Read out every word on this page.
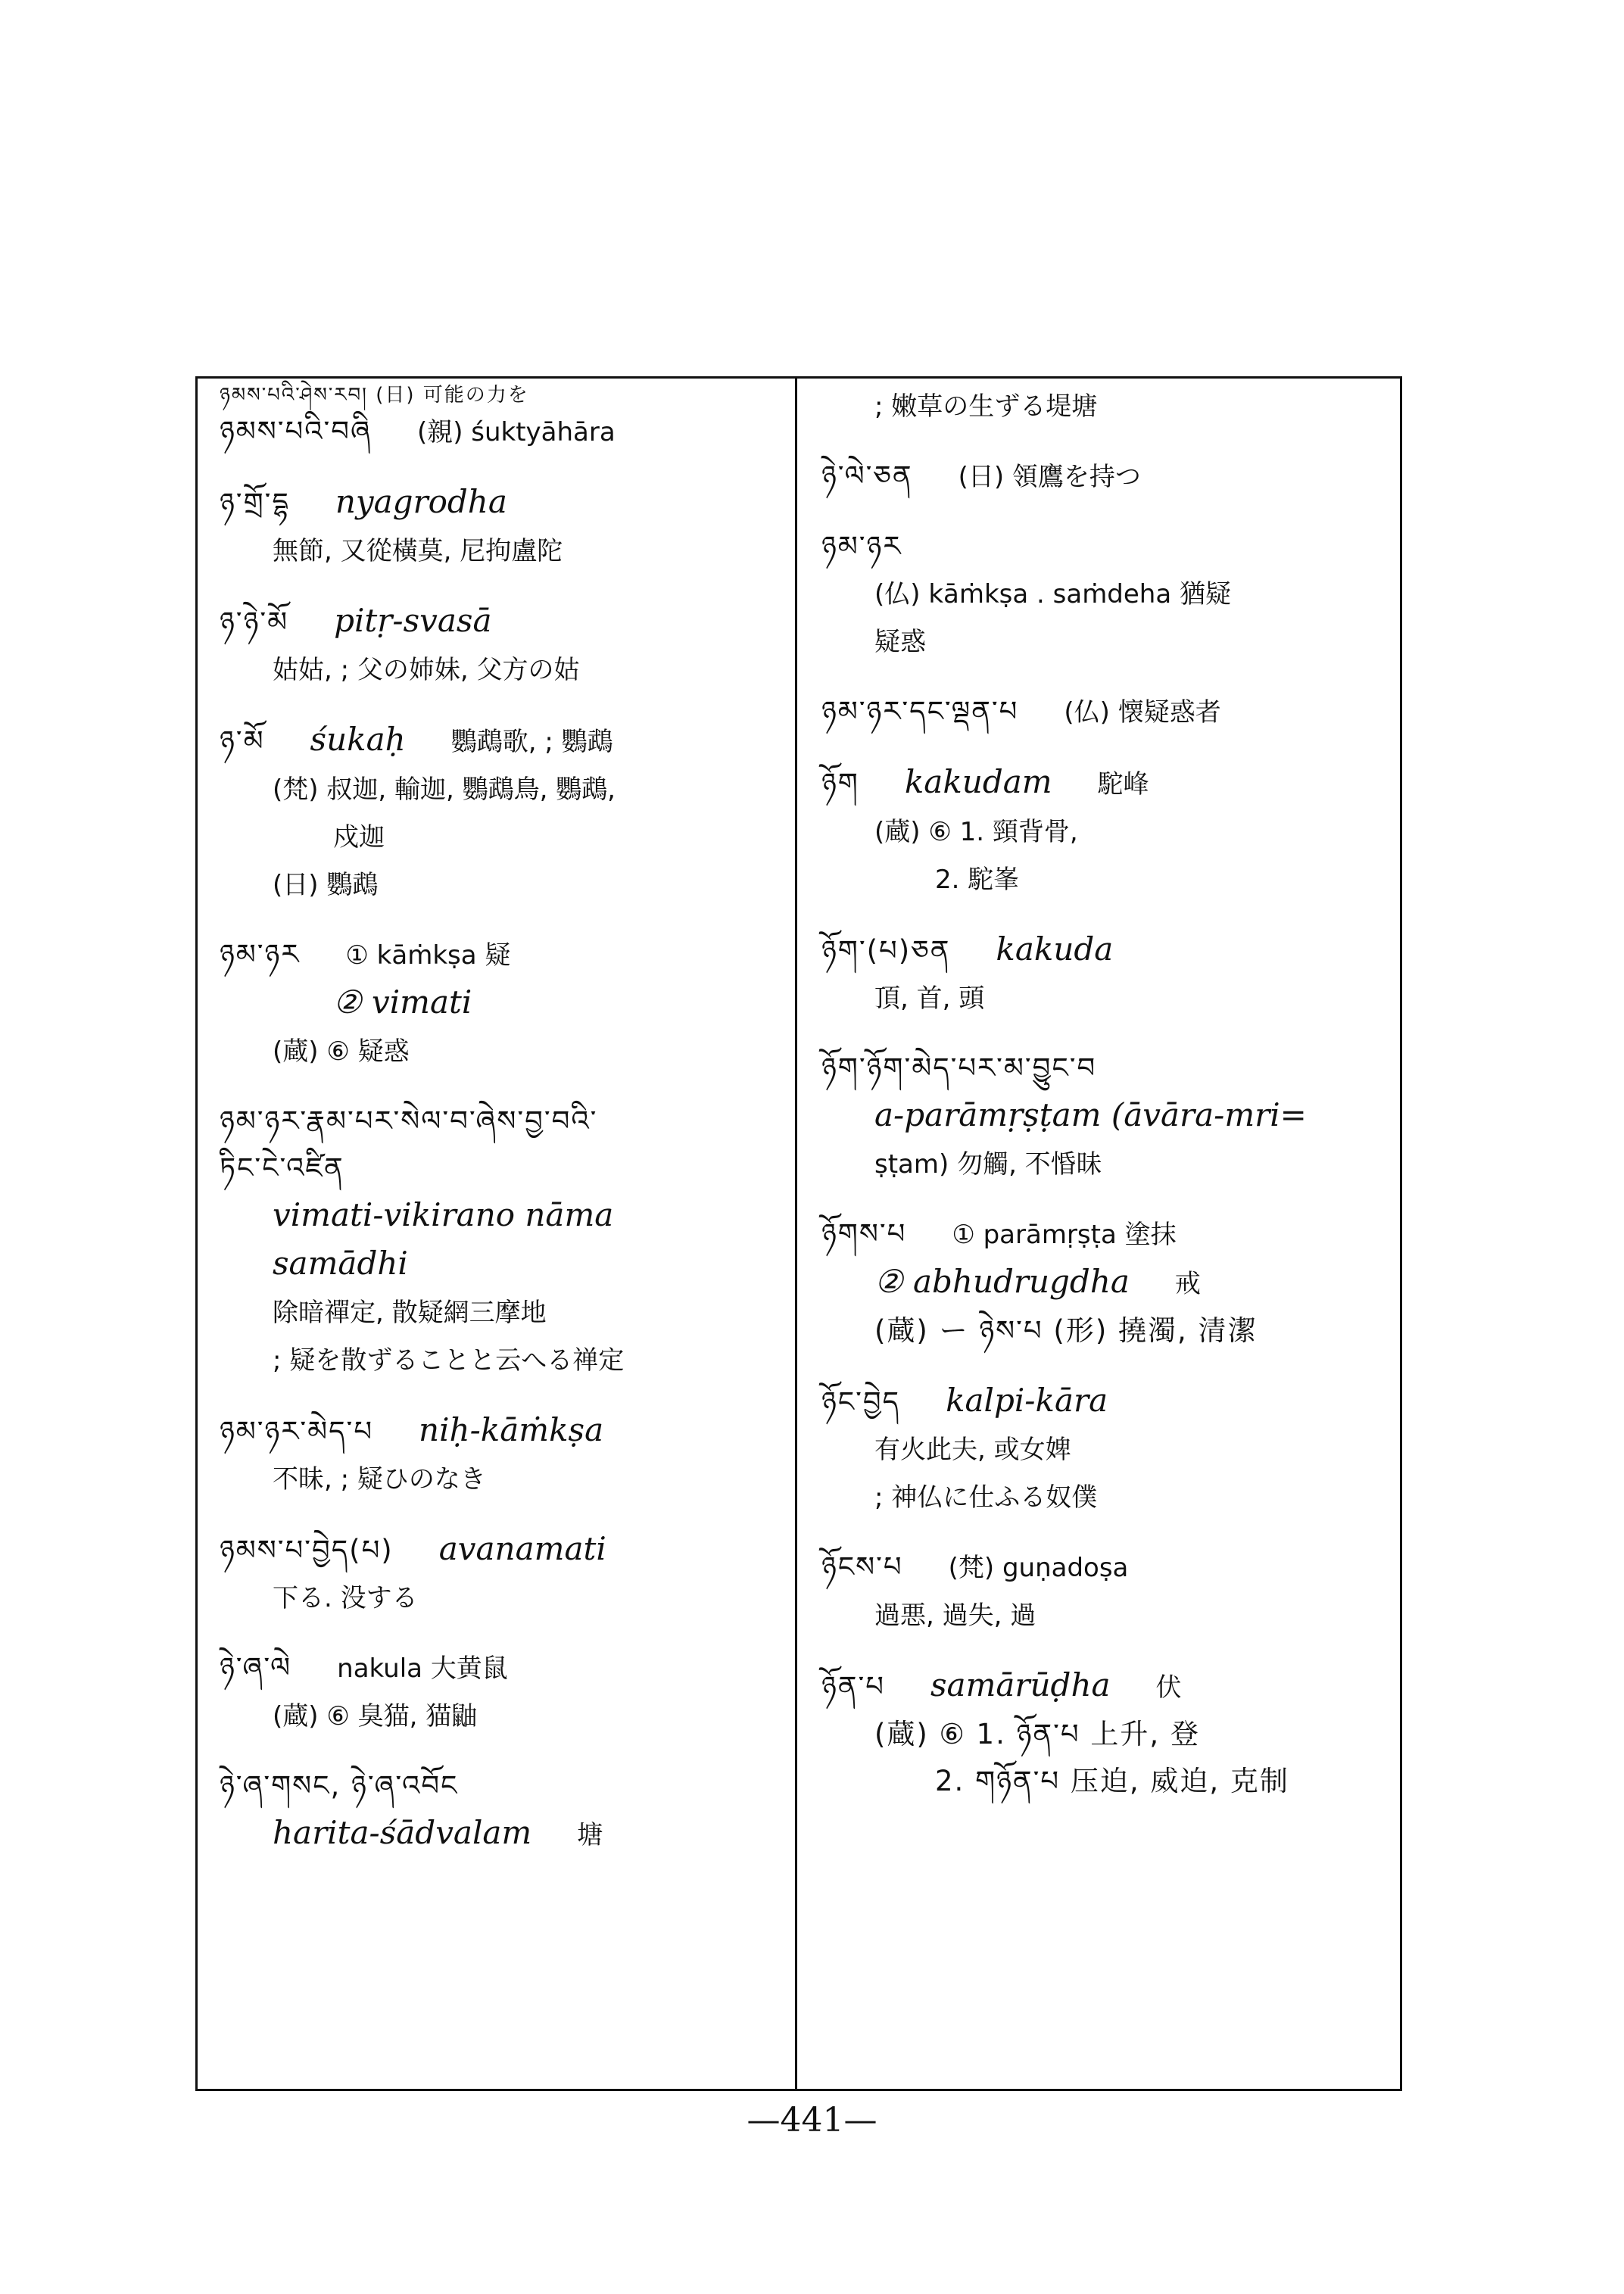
ཉམས་པའི་ཤེས་རབ། (日) 可能の力を
ཉམས་པའི་བཞི (親) śuktyāhāra
ཉ་གྲོ་དྷ nyagrodha
無節, 又從橫莫, 尼拘盧陀
ཉ་ཉེ་མོ pitṛ-svasā
姑姑, ; 父の姉妹, 父方の姑
ཉ་མོ śukaḥ 鸚鵡歌, ; 鸚鵡
(梵) 叔迦, 輸迦, 鸚鵡鳥, 鸚鵡,
戍迦
(日) 鸚鵡
ཉམ་ཉར ① kāṁkṣa 疑
② vimati
(蔵) ⑥ 疑惑
ཉམ་ཉར་རྣམ་པར་སེལ་བ་ཞེས་བྱ་བའི་
ཏིང་ངེ་འཛིན
vimati-vikirano nāma
samādhi
除暗禪定, 散疑網三摩地
; 疑を散ずることと云へる禅定
ཉམ་ཉར་མེད་པ niḥ-kāṁkṣa
不昧, ; 疑ひのなき
ཉམས་པ་བྱེད(པ) avanamati
下る. 没する
ཉེ་ཞ་ལེ nakula 大黄鼠
(蔵) ⑥ 臭猫, 猫鼬
ཉེ་ཞ་གསང, ཉེ་ཞ་འབོང
harita-śādvalam 塘
; 嫩草の生ずる堤塘
ཉེ་ལེ་ཅན (日) 領鷹を持つ
ཉམ་ཉར
(仏) kāṁkṣa . saṁdeha 猶疑
疑惑
ཉམ་ཉར་དང་ལྡན་པ (仏) 懐疑惑者
ཉོག kakudam 駝峰
(蔵) ⑥ 1. 頸背骨,
2. 駝峯
ཉོག་(པ)ཅན kakuda
頂, 首, 頭
ཉོག་ཉོག་མེད་པར་མ་བྱུང་བ
a-parāmṛṣṭam (āvāra-mri=
ṣṭam) 勿觸, 不惛昧
ཉོགས་པ ① parāmṛṣṭa 塗抹
② abhudrugdha 戒
(蔵) ー ཉེས་པ (形) 撓濁, 清潔
ཉོང་བྱེད kalpi-kāra
有火此夫, 或女婢
; 神仏に仕ふる奴僕
ཉོངས་པ (梵) guṇadoṣa
過悪, 過失, 過
ཉོན་པ samārūḍha 伏
(蔵) ⑥ 1. ཉོན་པ 上升, 登
2. གཉོན་པ 压迫, 威迫, 克制
—441—
